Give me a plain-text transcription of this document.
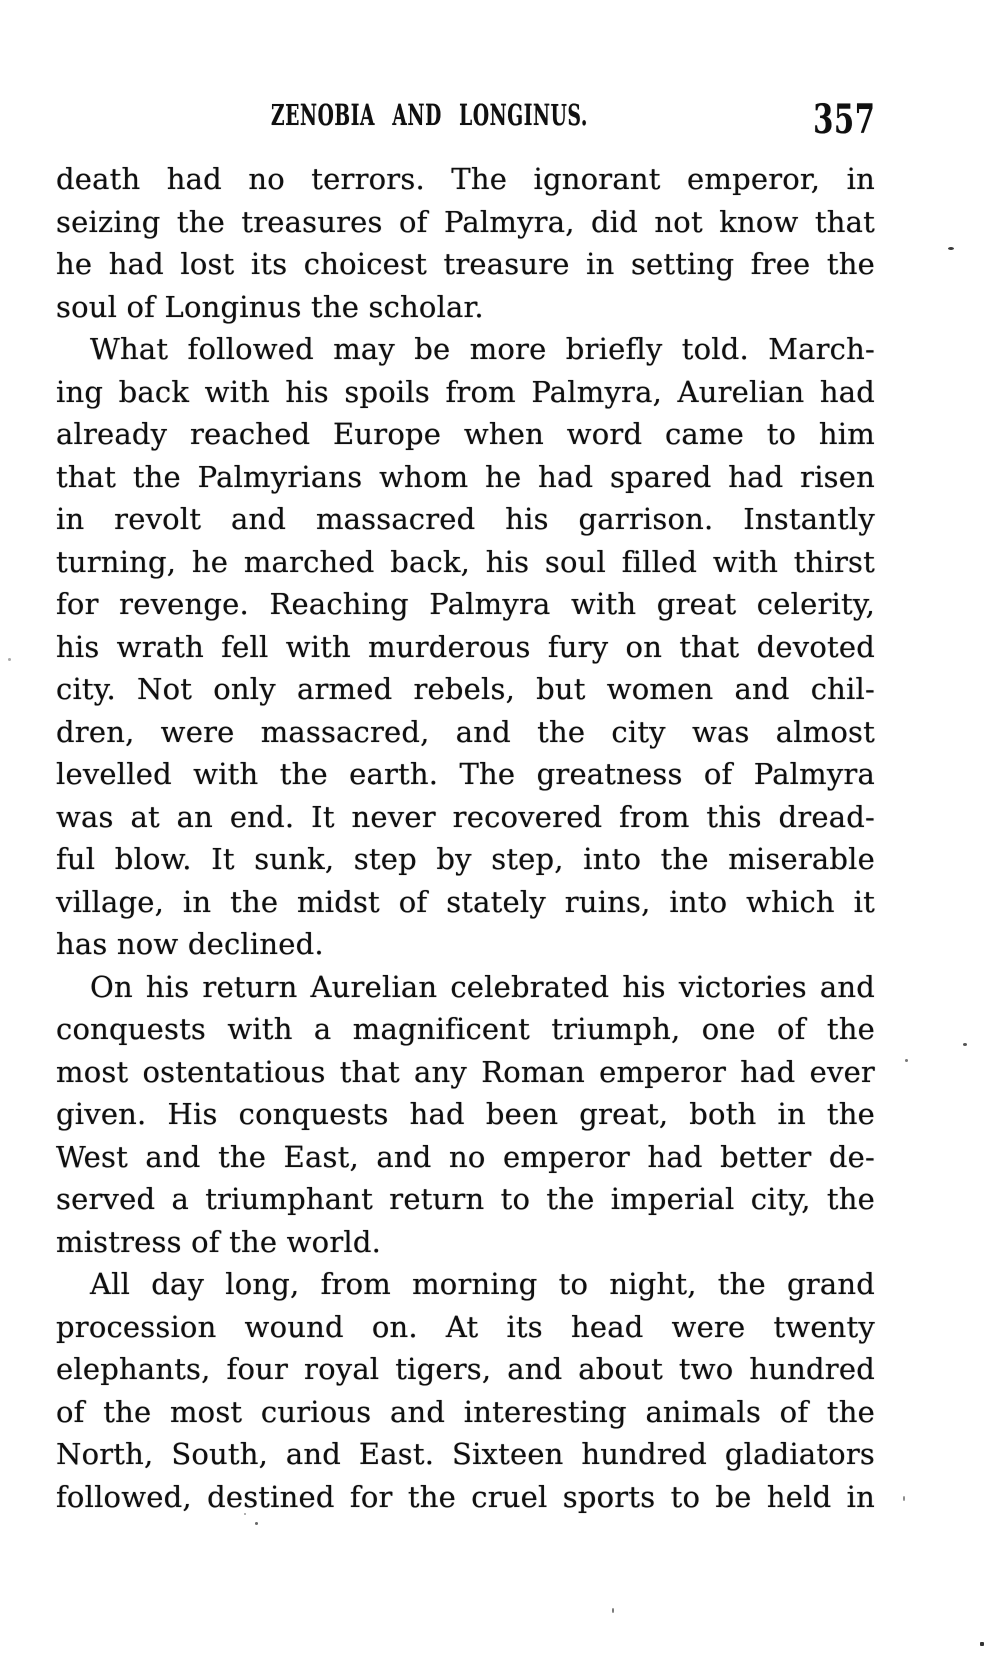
ZENOBIA AND LONGINUS.	357
death had no terrors. The ignorant emperor, in
seizing the treasures of Palmyra, did not know that
he had lost its choicest treasure in setting free the
soul of Longinus the scholar.
What followed may be more briefly told. March-
ing back with his spoils from Palmyra, Aurelian had
already reached Europe when word came to him
that the Palmyrians whom he had spared had risen
in revolt and massacred his garrison. Instantly
turning, he marched back, his soul filled with thirst
for revenge. Reaching Palmyra with great celerity,
his wrath fell with murderous fury on that devoted
city. Not only armed rebels, but women and chil-
dren, were massacred, and the city was almost
levelled with the earth. The greatness of Palmyra
was at an end. It never recovered from this dread-
ful blow. It sunk, step by step, into the miserable
village, in the midst of stately ruins, into which it
has now declined.
On his return Aurelian celebrated his victories and
conquests with a magnificent triumph, one of the
most ostentatious that any Roman emperor had ever
given. His conquests had been great, both in the
West and the East, and no emperor had better de-
served a triumphant return to the imperial city, the
mistress of the world.
All day long, from morning to night, the grand
procession wound on. At its head were twenty
elephants, four royal tigers, and about two hundred
of the most curious and interesting animals of the
North, South, and East. Sixteen hundred gladiators
followed, destined for the cruel sports to be held in
